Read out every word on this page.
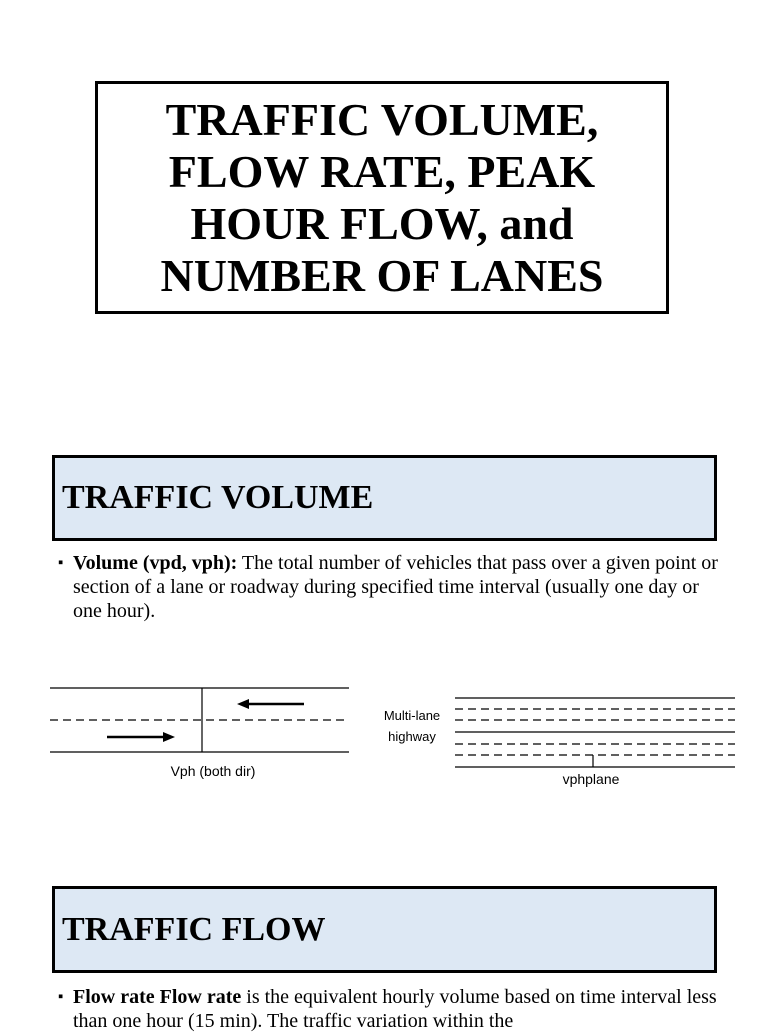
TRAFFIC VOLUME,
FLOW RATE, PEAK
HOUR FLOW, and
NUMBER OF LANES
TRAFFIC VOLUME
▪ Volume (vpd, vph): The total number of vehicles that pass over a given point or section of a lane or roadway during specified time interval (usually one day or one hour).
Vph (both dir)
Multi-lane
highway
vphplane
TRAFFIC FLOW
▪ Flow rate Flow rate is the equivalent hourly volume based on time interval less than one hour (15 min). The traffic variation within the
